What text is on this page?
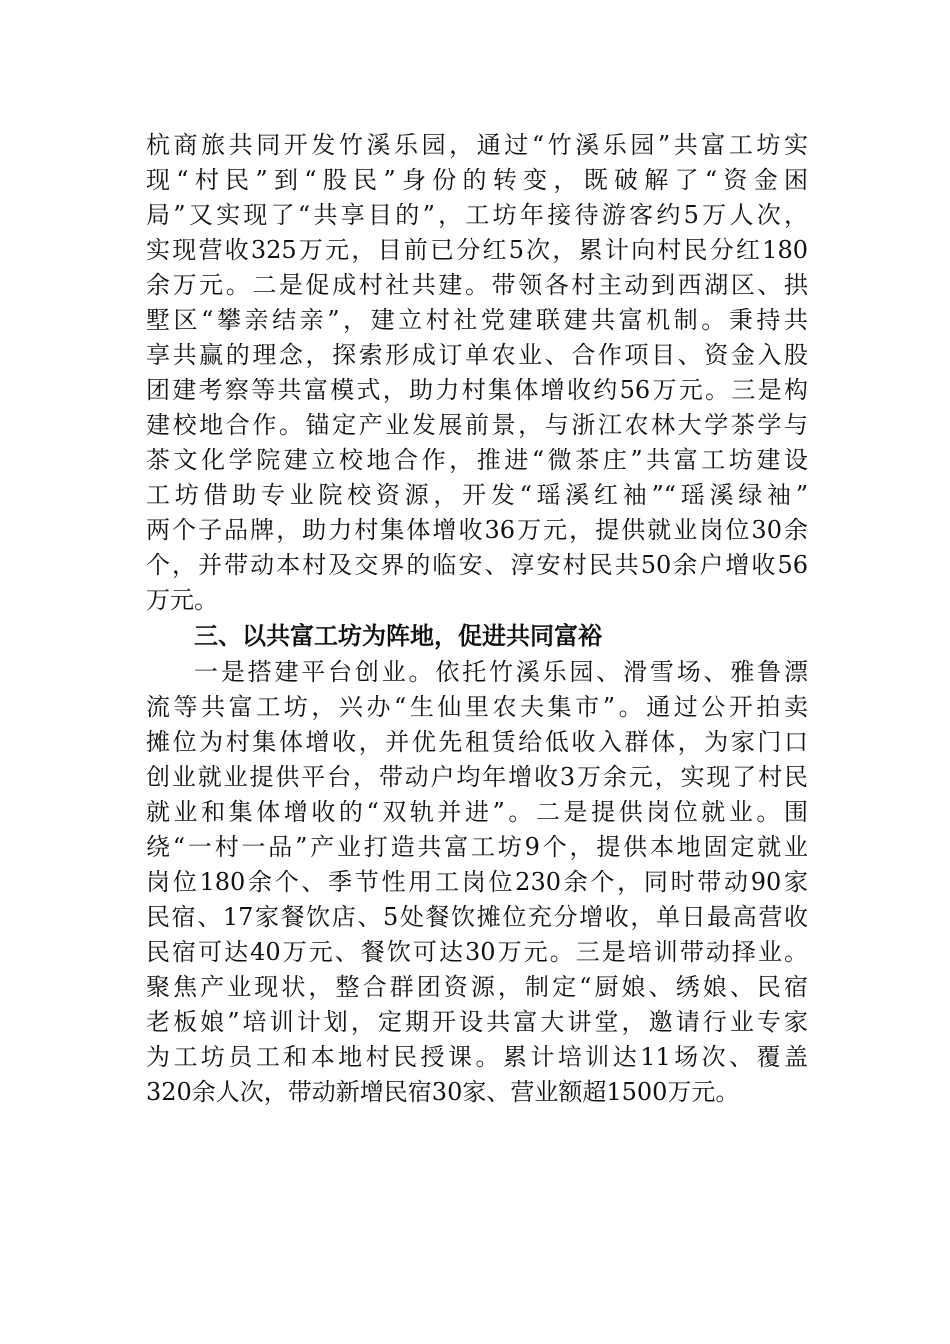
杭商旅共同开发竹溪乐园，通过“竹溪乐园”共富工坊实
现“村民”到“股民”身份的转变，既破解了“资金困
局”又实现了“共享目的”，工坊年接待游客约5万人次，
实现营收325万元，目前已分红5次，累计向村民分红180
余万元。二是促成村社共建。带领各村主动到西湖区、拱
墅区“攀亲结亲”，建立村社党建联建共富机制。秉持共
享共赢的理念，探索形成订单农业、合作项目、资金入股
团建考察等共富模式，助力村集体增收约56万元。三是构
建校地合作。锚定产业发展前景，与浙江农林大学茶学与
茶文化学院建立校地合作，推进“微茶庄”共富工坊建设
工坊借助专业院校资源，开发“瑶溪红袖”“瑶溪绿袖”
两个子品牌，助力村集体增收36万元，提供就业岗位30余
个，并带动本村及交界的临安、淳安村民共50余户增收56
万元。
三、以共富工坊为阵地，促进共同富裕
一是搭建平台创业。依托竹溪乐园、滑雪场、雅鲁漂
流等共富工坊，兴办“生仙里农夫集市”。通过公开拍卖
摊位为村集体增收，并优先租赁给低收入群体，为家门口
创业就业提供平台，带动户均年增收3万余元，实现了村民
就业和集体增收的“双轨并进”。二是提供岗位就业。围
绕“一村一品”产业打造共富工坊9个，提供本地固定就业
岗位180余个、季节性用工岗位230余个，同时带动90家
民宿、17家餐饮店、5处餐饮摊位充分增收，单日最高营收
民宿可达40万元、餐饮可达30万元。三是培训带动择业。
聚焦产业现状，整合群团资源，制定“厨娘、绣娘、民宿
老板娘”培训计划，定期开设共富大讲堂，邀请行业专家
为工坊员工和本地村民授课。累计培训达11场次、覆盖
320余人次，带动新增民宿30家、营业额超1500万元。
